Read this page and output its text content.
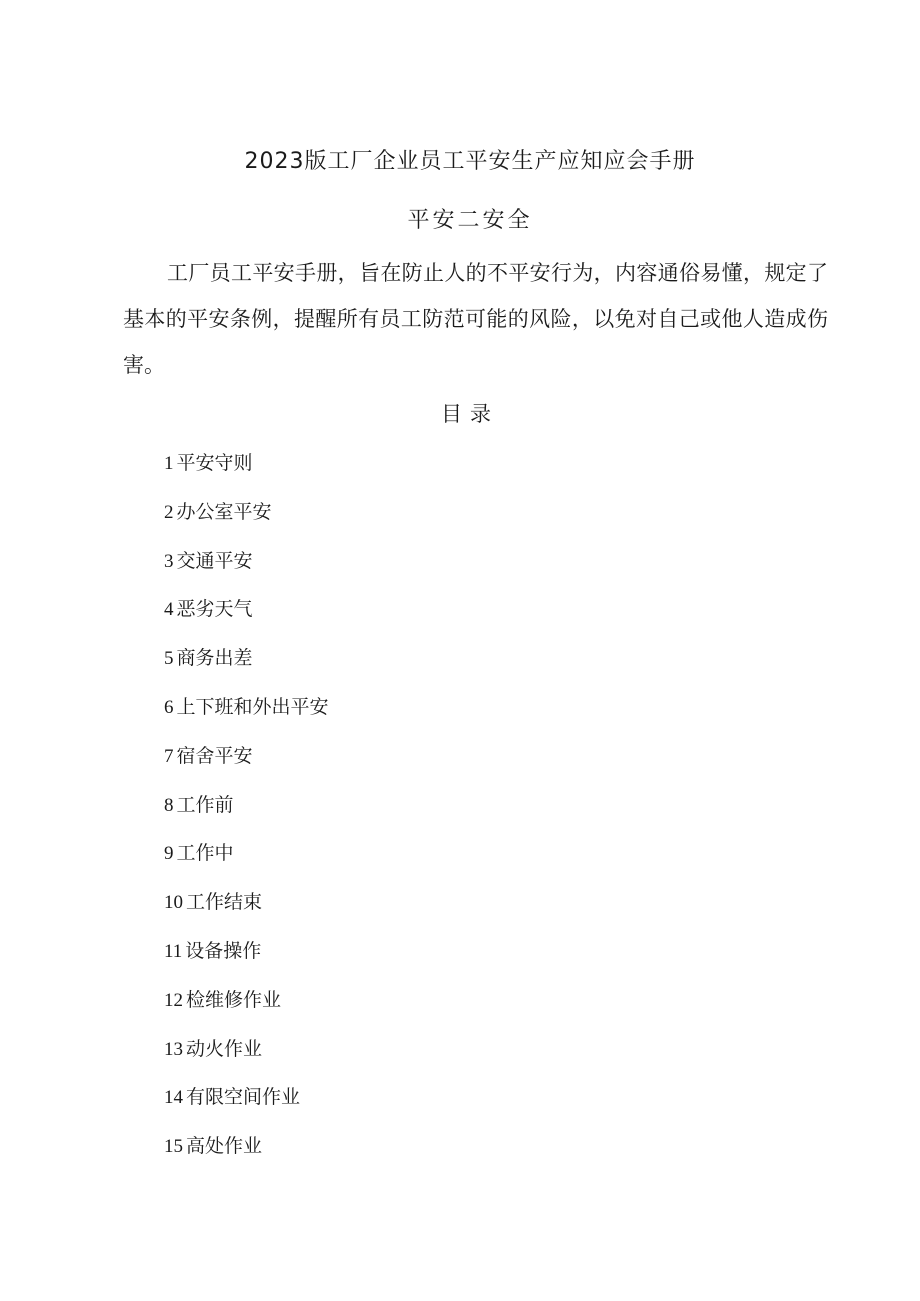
2023版工厂企业员工平安生产应知应会手册
平安二安全

工厂员工平安手册，旨在防止人的不平安行为，内容通俗易懂，规定了基本的平安条例，提醒所有员工防范可能的风险，以免对自己或他人造成伤害。

目录
1 平安守则
2 办公室平安
3 交通平安
4 恶劣天气
5 商务出差
6 上下班和外出平安
7 宿舍平安
8 工作前
9 工作中
10 工作结束
11 设备操作
12 检维修作业
13 动火作业
14 有限空间作业
15 高处作业
